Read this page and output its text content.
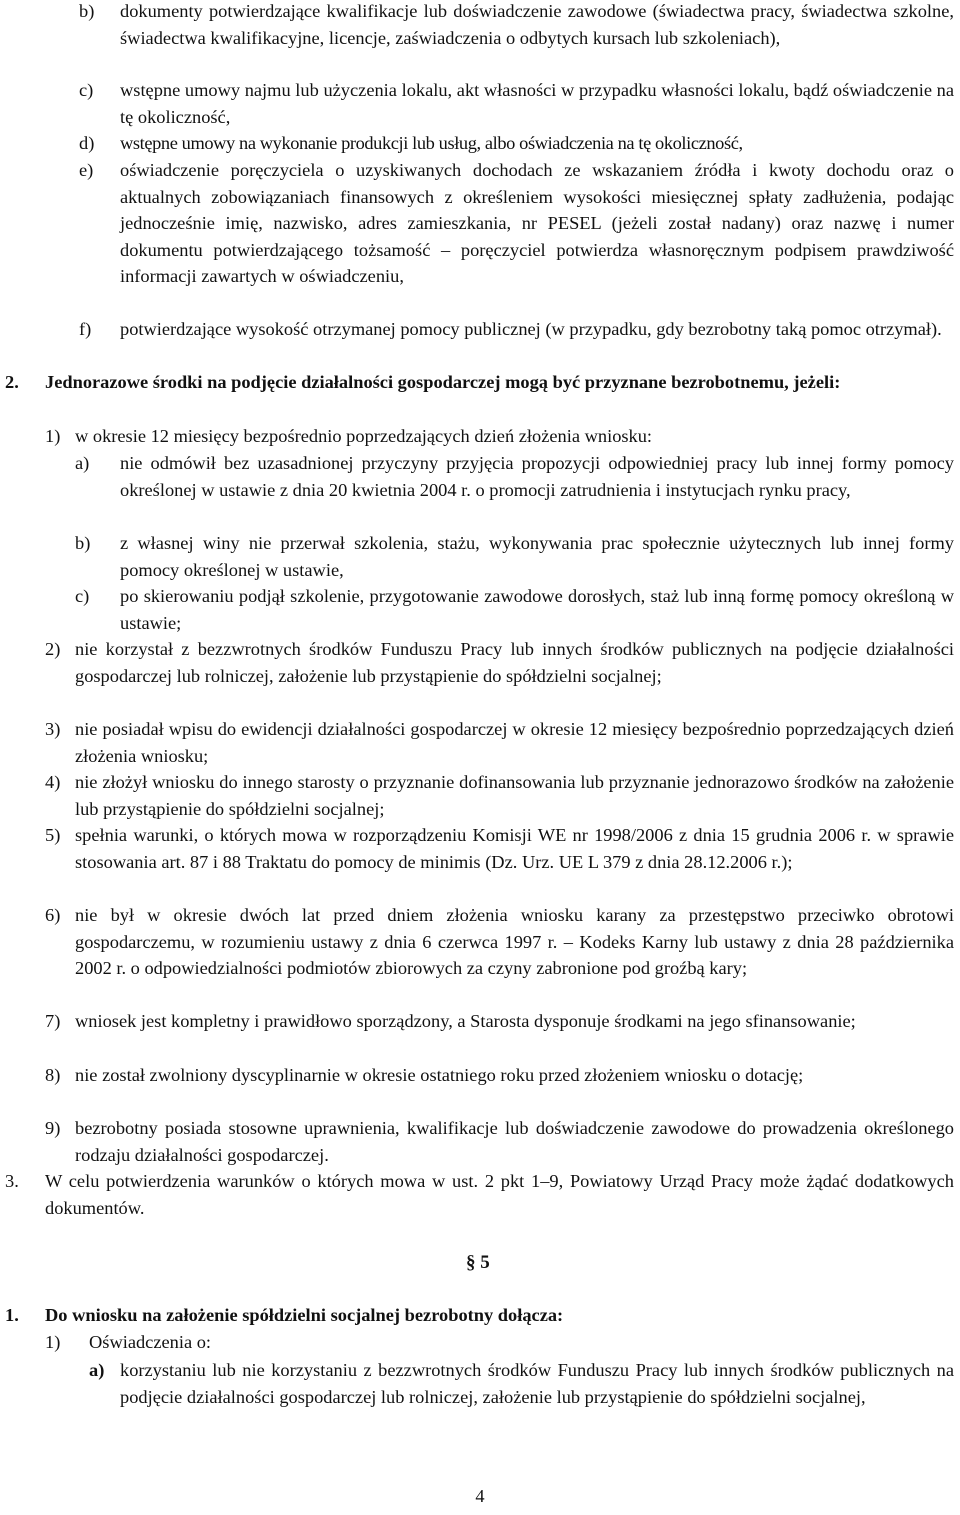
b)	dokumenty potwierdzające kwalifikacje lub doświadczenie zawodowe (świadectwa pracy, świadectwa szkolne, świadectwa kwalifikacyjne, licencje, zaświadczenia o odbytych kursach lub szkoleniach),
c)	wstępne umowy najmu lub użyczenia lokalu, akt własności w przypadku własności lokalu, bądź oświadczenie na tę okoliczność,
d)	wstępne umowy na wykonanie produkcji lub usług, albo oświadczenia na tę okoliczność,
e)	oświadczenie poręczyciela o uzyskiwanych dochodach ze wskazaniem źródła i kwoty dochodu oraz o aktualnych zobowiązaniach finansowych z określeniem wysokości miesięcznej spłaty zadłużenia, podając jednocześnie imię, nazwisko, adres zamieszkania, nr PESEL (jeżeli został nadany) oraz nazwę i numer dokumentu potwierdzającego tożsamość – poręczyciel potwierdza własnoręcznym podpisem prawdziwość informacji zawartych w oświadczeniu,
f)	potwierdzające wysokość otrzymanej pomocy publicznej (w przypadku, gdy bezrobotny taką pomoc otrzymał).
2.	Jednorazowe środki na podjęcie działalności gospodarczej mogą być przyznane bezrobotnemu, jeżeli:
1) w okresie 12 miesięcy bezpośrednio poprzedzających dzień złożenia wniosku:
a)	nie odmówił bez uzasadnionej przyczyny przyjęcia propozycji odpowiedniej pracy lub innej formy pomocy określonej w ustawie z dnia 20 kwietnia 2004 r. o promocji zatrudnienia i instytucjach rynku pracy,
b)	z własnej winy nie przerwał szkolenia, stażu, wykonywania prac społecznie użytecznych lub innej formy pomocy określonej w ustawie,
c)	po skierowaniu podjął szkolenie, przygotowanie zawodowe dorosłych, staż lub inną formę pomocy określoną w ustawie;
2) nie korzystał z bezzwrotnych środków Funduszu Pracy lub innych środków publicznych na podjęcie działalności gospodarczej lub rolniczej, założenie lub przystąpienie do spółdzielni socjalnej;
3) nie posiadał wpisu do ewidencji działalności gospodarczej w okresie 12 miesięcy bezpośrednio poprzedzających dzień złożenia wniosku;
4) nie złożył wniosku do innego starosty o przyznanie dofinansowania lub przyznanie jednorazowo środków na założenie lub przystąpienie do spółdzielni socjalnej;
5) spełnia warunki, o których mowa w rozporządzeniu Komisji WE nr 1998/2006 z dnia 15 grudnia 2006 r. w sprawie stosowania art. 87 i 88 Traktatu do pomocy de minimis (Dz. Urz. UE L 379 z dnia 28.12.2006 r.);
6) nie był w okresie dwóch lat przed dniem złożenia wniosku karany za przestępstwo przeciwko obrotowi gospodarczemu, w rozumieniu ustawy z dnia 6 czerwca 1997 r. – Kodeks Karny lub ustawy z dnia 28 października 2002 r. o odpowiedzialności podmiotów zbiorowych za czyny zabronione pod groźbą kary;
7) wniosek jest kompletny i prawidłowo sporządzony, a Starosta dysponuje środkami na jego sfinansowanie;
8) nie został zwolniony dyscyplinarnie w okresie ostatniego roku przed złożeniem wniosku o dotację;
9) bezrobotny posiada stosowne uprawnienia, kwalifikacje lub doświadczenie zawodowe do prowadzenia określonego rodzaju działalności gospodarczej.
3.	W celu potwierdzenia warunków o których mowa w ust. 2 pkt 1–9, Powiatowy Urząd Pracy może żądać dodatkowych dokumentów.
§ 5
1.	Do wniosku na założenie spółdzielni socjalnej bezrobotny dołącza:
1)	Oświadczenia o:
a) korzystaniu lub nie korzystaniu z bezzwrotnych środków Funduszu Pracy lub innych środków publicznych na podjęcie działalności gospodarczej lub rolniczej, założenie lub przystąpienie do spółdzielni socjalnej,
4
